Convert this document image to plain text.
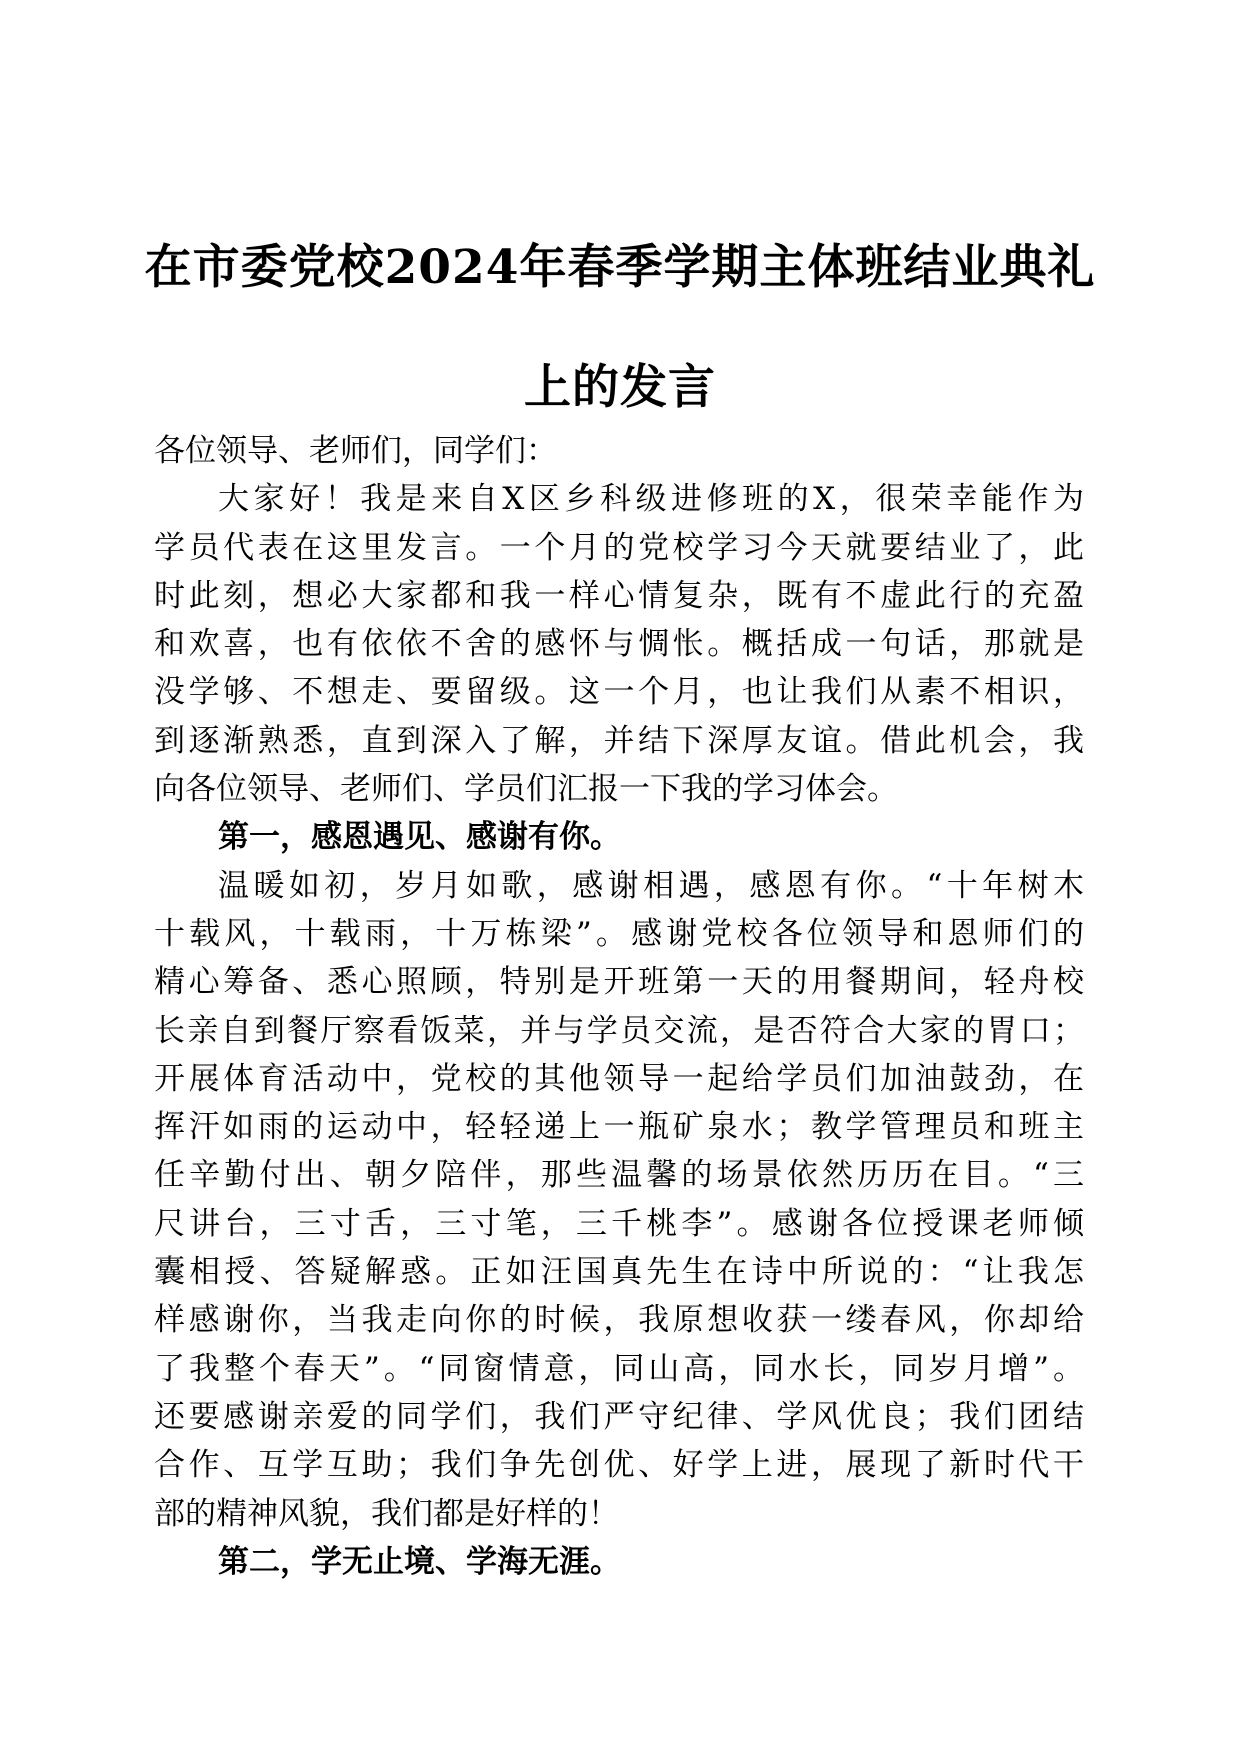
在市委党校2024年春季学期主体班结业典礼
上的发言
各位领导、老师们，同学们：
大家好！我是来自X区乡科级进修班的X，很荣幸能作为
学员代表在这里发言。一个月的党校学习今天就要结业了，此
时此刻，想必大家都和我一样心情复杂，既有不虚此行的充盈
和欢喜，也有依依不舍的感怀与惆怅。概括成一句话，那就是
没学够、不想走、要留级。这一个月，也让我们从素不相识，
到逐渐熟悉，直到深入了解，并结下深厚友谊。借此机会，我
向各位领导、老师们、学员们汇报一下我的学习体会。
第一，感恩遇见、感谢有你。
温暖如初，岁月如歌，感谢相遇，感恩有你。“十年树木
十载风，十载雨，十万栋梁”。感谢党校各位领导和恩师们的
精心筹备、悉心照顾，特别是开班第一天的用餐期间，轻舟校
长亲自到餐厅察看饭菜，并与学员交流，是否符合大家的胃口；
开展体育活动中，党校的其他领导一起给学员们加油鼓劲，在
挥汗如雨的运动中，轻轻递上一瓶矿泉水；教学管理员和班主
任辛勤付出、朝夕陪伴，那些温馨的场景依然历历在目。“三
尺讲台，三寸舌，三寸笔，三千桃李”。感谢各位授课老师倾
囊相授、答疑解惑。正如汪国真先生在诗中所说的：“让我怎
样感谢你，当我走向你的时候，我原想收获一缕春风，你却给
了我整个春天”。“同窗情意，同山高，同水长，同岁月增”。
还要感谢亲爱的同学们，我们严守纪律、学风优良；我们团结
合作、互学互助；我们争先创优、好学上进，展现了新时代干
部的精神风貌，我们都是好样的！
第二，学无止境、学海无涯。
